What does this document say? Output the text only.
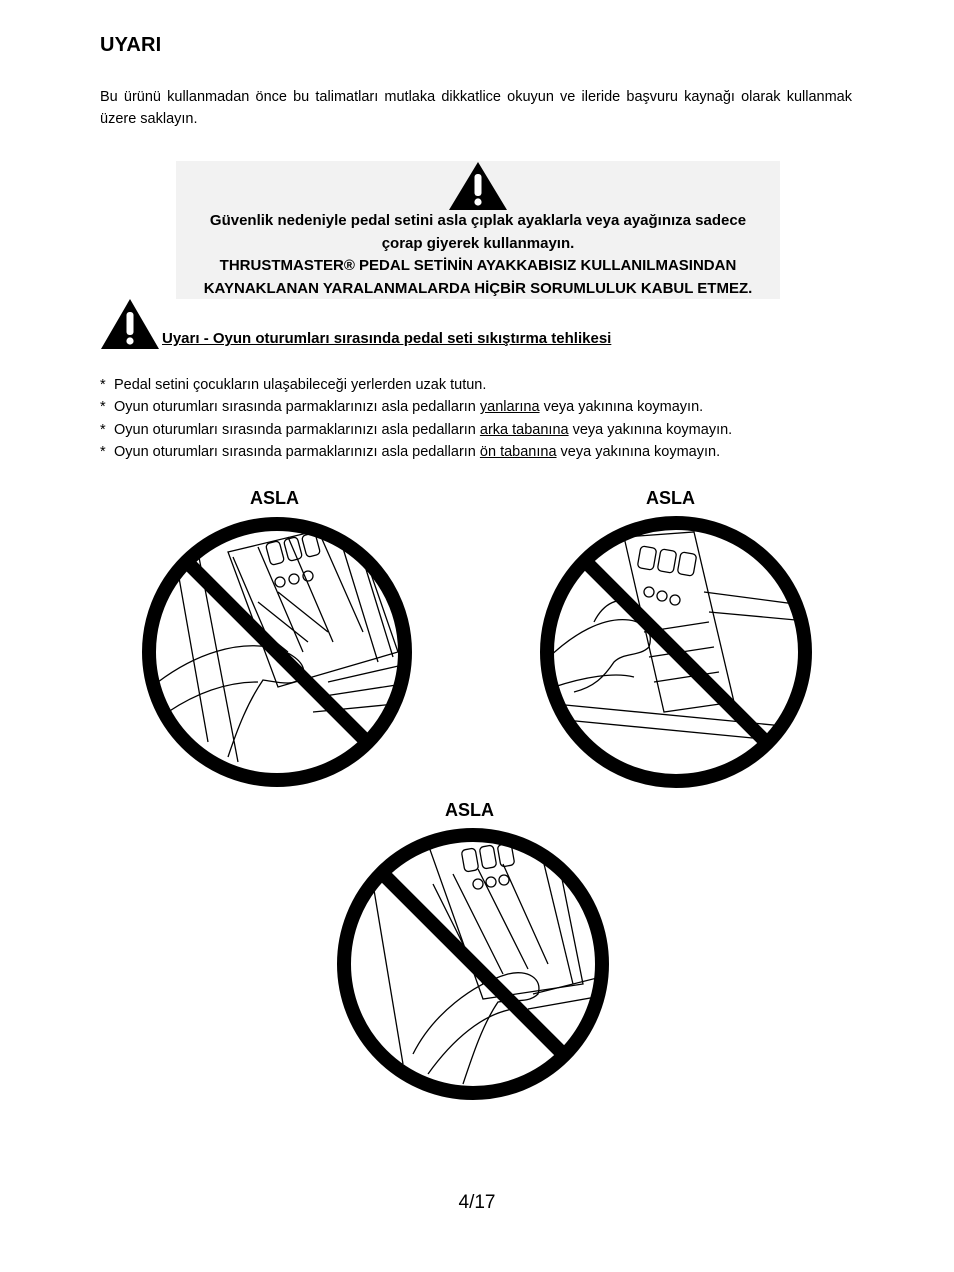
UYARI

Bu ürünü kullanmadan önce bu talimatları mutlaka dikkatlice okuyun ve ileride başvuru kaynağı olarak kullanmak üzere saklayın.

Güvenlik nedeniyle pedal setini asla çıplak ayaklarla veya ayağınıza sadece
çorap giyerek kullanmayın.
THRUSTMASTER® PEDAL SETİNİN AYAKKABISIZ KULLANILMASINDAN
KAYNAKLANAN YARALANMALARDA HİÇBİR SORUMLULUK KABUL ETMEZ.
Uyarı - Oyun oturumları sırasında pedal seti sıkıştırma tehlikesi
* Pedal setini çocukların ulaşabileceği yerlerden uzak tutun.
* Oyun oturumları sırasında parmaklarınızı asla pedalların yanlarına veya yakınına koymayın.
* Oyun oturumları sırasında parmaklarınızı asla pedalların arka tabanına veya yakınına koymayın.
* Oyun oturumları sırasında parmaklarınızı asla pedalların ön tabanına veya yakınına koymayın.
ASLA	ASLA
ASLA
4/17
